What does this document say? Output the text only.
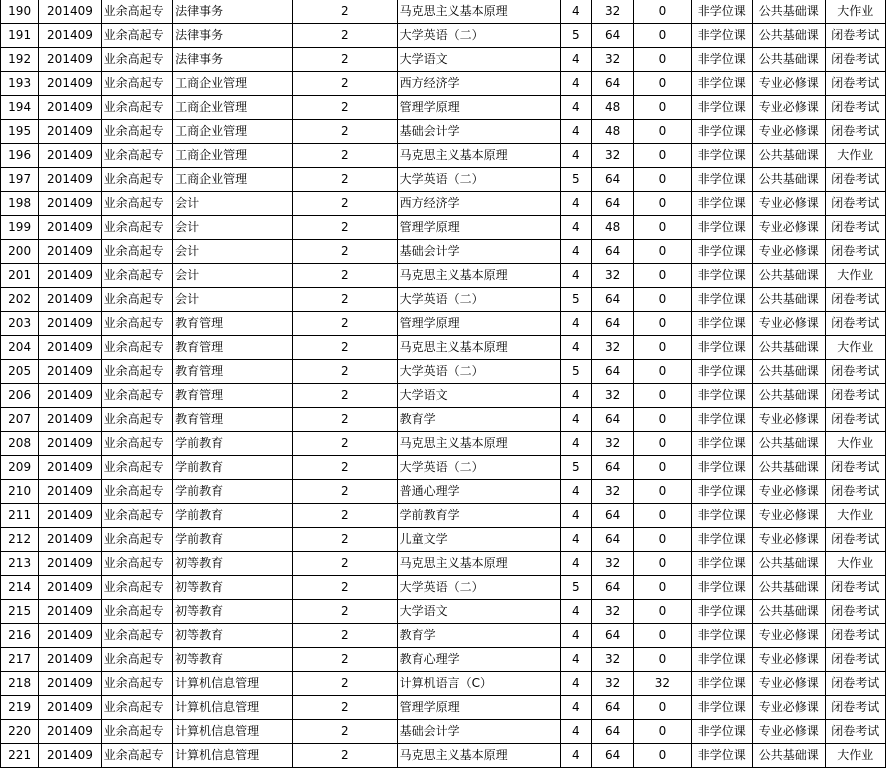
190	201409	业余高起专	法律事务	2	马克思主义基本原理	4	32	0	非学位课	公共基础课	大作业
191	201409	业余高起专	法律事务	2	大学英语（二）	5	64	0	非学位课	公共基础课	闭卷考试
192	201409	业余高起专	法律事务	2	大学语文	4	32	0	非学位课	公共基础课	闭卷考试
193	201409	业余高起专	工商企业管理	2	西方经济学	4	64	0	非学位课	专业必修课	闭卷考试
194	201409	业余高起专	工商企业管理	2	管理学原理	4	48	0	非学位课	专业必修课	闭卷考试
195	201409	业余高起专	工商企业管理	2	基础会计学	4	48	0	非学位课	专业必修课	闭卷考试
196	201409	业余高起专	工商企业管理	2	马克思主义基本原理	4	32	0	非学位课	公共基础课	大作业
197	201409	业余高起专	工商企业管理	2	大学英语（二）	5	64	0	非学位课	公共基础课	闭卷考试
198	201409	业余高起专	会计	2	西方经济学	4	64	0	非学位课	专业必修课	闭卷考试
199	201409	业余高起专	会计	2	管理学原理	4	48	0	非学位课	专业必修课	闭卷考试
200	201409	业余高起专	会计	2	基础会计学	4	64	0	非学位课	专业必修课	闭卷考试
201	201409	业余高起专	会计	2	马克思主义基本原理	4	32	0	非学位课	公共基础课	大作业
202	201409	业余高起专	会计	2	大学英语（二）	5	64	0	非学位课	公共基础课	闭卷考试
203	201409	业余高起专	教育管理	2	管理学原理	4	64	0	非学位课	专业必修课	闭卷考试
204	201409	业余高起专	教育管理	2	马克思主义基本原理	4	32	0	非学位课	公共基础课	大作业
205	201409	业余高起专	教育管理	2	大学英语（二）	5	64	0	非学位课	公共基础课	闭卷考试
206	201409	业余高起专	教育管理	2	大学语文	4	32	0	非学位课	公共基础课	闭卷考试
207	201409	业余高起专	教育管理	2	教育学	4	64	0	非学位课	专业必修课	闭卷考试
208	201409	业余高起专	学前教育	2	马克思主义基本原理	4	32	0	非学位课	公共基础课	大作业
209	201409	业余高起专	学前教育	2	大学英语（二）	5	64	0	非学位课	公共基础课	闭卷考试
210	201409	业余高起专	学前教育	2	普通心理学	4	32	0	非学位课	专业必修课	闭卷考试
211	201409	业余高起专	学前教育	2	学前教育学	4	64	0	非学位课	专业必修课	大作业
212	201409	业余高起专	学前教育	2	儿童文学	4	64	0	非学位课	专业必修课	闭卷考试
213	201409	业余高起专	初等教育	2	马克思主义基本原理	4	32	0	非学位课	公共基础课	大作业
214	201409	业余高起专	初等教育	2	大学英语（二）	5	64	0	非学位课	公共基础课	闭卷考试
215	201409	业余高起专	初等教育	2	大学语文	4	32	0	非学位课	公共基础课	闭卷考试
216	201409	业余高起专	初等教育	2	教育学	4	64	0	非学位课	专业必修课	闭卷考试
217	201409	业余高起专	初等教育	2	教育心理学	4	32	0	非学位课	专业必修课	闭卷考试
218	201409	业余高起专	计算机信息管理	2	计算机语言（C）	4	32	32	非学位课	专业必修课	闭卷考试
219	201409	业余高起专	计算机信息管理	2	管理学原理	4	64	0	非学位课	专业必修课	闭卷考试
220	201409	业余高起专	计算机信息管理	2	基础会计学	4	64	0	非学位课	专业必修课	闭卷考试
221	201409	业余高起专	计算机信息管理	2	马克思主义基本原理	4	64	0	非学位课	公共基础课	大作业
